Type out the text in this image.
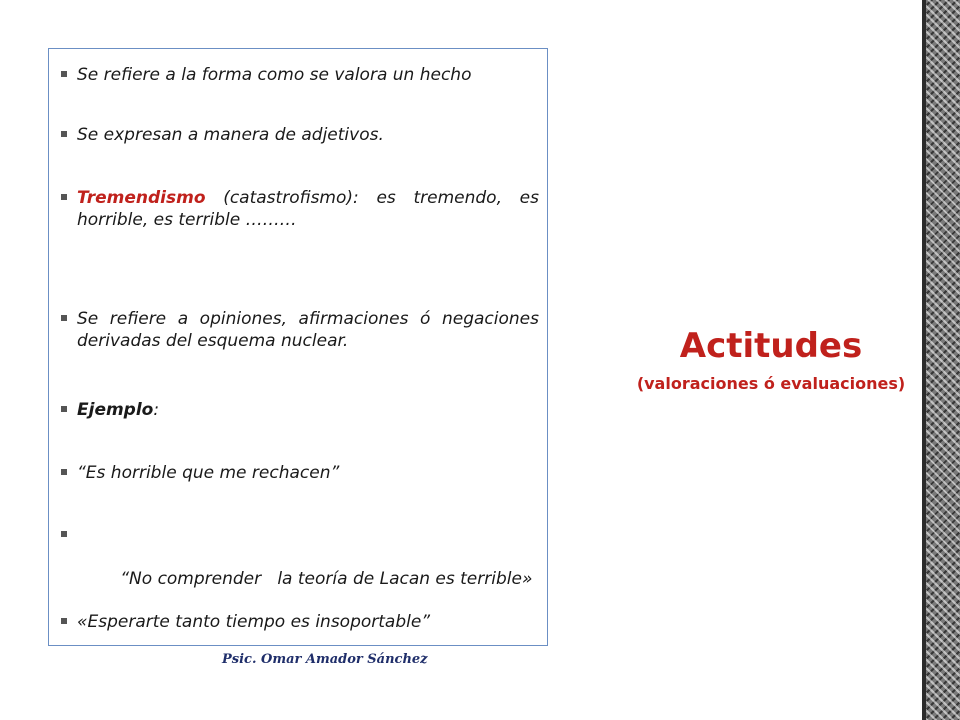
Se refiere a la forma como se valora un hecho
Se expresan a manera de adjetivos.
Tremendismo (catastrofismo): es tremendo, es horrible, es terrible ………
Se refiere a opiniones, afirmaciones ó negaciones derivadas del esquema nuclear.
Ejemplo:
“Es horrible que me rechacen”

“No comprender   la teoría de Lacan es terrible»

«Esperarte tanto tiempo es insoportable”
Psic. Omar Amador Sánchez
Actitudes
(valoraciones ó evaluaciones)
